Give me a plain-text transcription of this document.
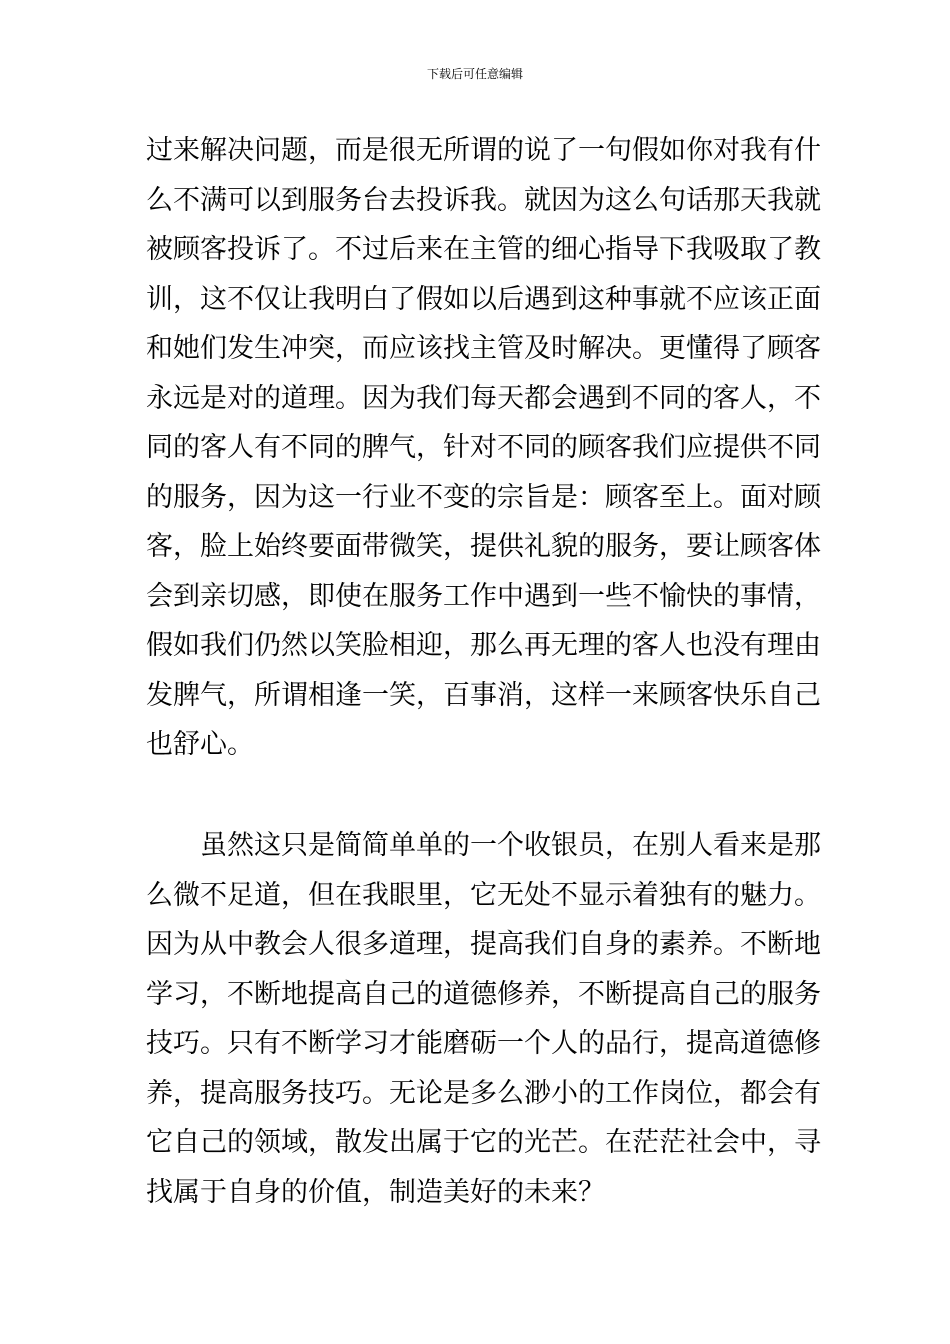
下载后可任意编辑
过来解决问题，而是很无所谓的说了一句假如你对我有什
么不满可以到服务台去投诉我。就因为这么句话那天我就
被顾客投诉了。不过后来在主管的细心指导下我吸取了教
训，这不仅让我明白了假如以后遇到这种事就不应该正面
和她们发生冲突，而应该找主管及时解决。更懂得了顾客
永远是对的道理。因为我们每天都会遇到不同的客人，不
同的客人有不同的脾气，针对不同的顾客我们应提供不同
的服务，因为这一行业不变的宗旨是：顾客至上。面对顾
客，脸上始终要面带微笑，提供礼貌的服务，要让顾客体
会到亲切感，即使在服务工作中遇到一些不愉快的事情，
假如我们仍然以笑脸相迎，那么再无理的客人也没有理由
发脾气，所谓相逢一笑，百事消，这样一来顾客快乐自己
也舒心。
虽然这只是简简单单的一个收银员，在别人看来是那
么微不足道，但在我眼里，它无处不显示着独有的魅力。
因为从中教会人很多道理，提高我们自身的素养。不断地
学习，不断地提高自己的道德修养，不断提高自己的服务
技巧。只有不断学习才能磨砺一个人的品行，提高道德修
养，提高服务技巧。无论是多么渺小的工作岗位，都会有
它自己的领域，散发出属于它的光芒。在茫茫社会中，寻
找属于自身的价值，制造美好的未来？
